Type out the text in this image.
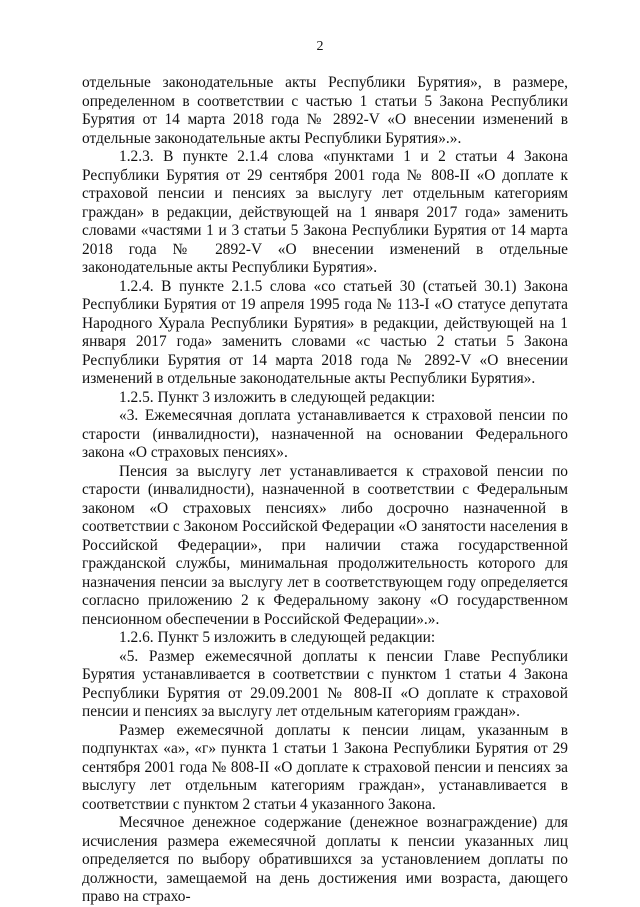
2

отдельные законодательные акты Республики Бурятия», в размере, определенном в соответствии с частью 1 статьи 5 Закона Республики Бурятия от 14 марта 2018 года № 2892-V «О внесении изменений в отдельные законодательные акты Республики Бурятия».».

1.2.3. В пункте 2.1.4 слова «пунктами 1 и 2 статьи 4 Закона Республики Бурятия от 29 сентября 2001 года № 808-II «О доплате к страховой пенсии и пенсиях за выслугу лет отдельным категориям граждан» в редакции, действующей на 1 января 2017 года» заменить словами «частями 1 и 3 статьи 5 Закона Республики Бурятия от 14 марта 2018 года № 2892-V «О внесении изменений в отдельные законодательные акты Республики Бурятия».

1.2.4. В пункте 2.1.5 слова «со статьей 30 (статьей 30.1) Закона Республики Бурятия от 19 апреля 1995 года № 113-I «О статусе депутата Народного Хурала Республики Бурятия» в редакции, действующей на 1 января 2017 года» заменить словами «с частью 2 статьи 5 Закона Республики Бурятия от 14 марта 2018 года № 2892-V «О внесении изменений в отдельные законодательные акты Республики Бурятия».

1.2.5. Пункт 3 изложить в следующей редакции:

«3. Ежемесячная доплата устанавливается к страховой пенсии по старости (инвалидности), назначенной на основании Федерального закона «О страховых пенсиях».

Пенсия за выслугу лет устанавливается к страховой пенсии по старости (инвалидности), назначенной в соответствии с Федеральным законом «О страховых пенсиях» либо досрочно назначенной в соответствии с Законом Российской Федерации «О занятости населения в Российской Федерации», при наличии стажа государственной гражданской службы, минимальная продолжительность которого для назначения пенсии за выслугу лет в соответствующем году определяется согласно приложению 2 к Федеральному закону «О государственном пенсионном обеспечении в Российской Федерации».».

1.2.6. Пункт 5 изложить в следующей редакции:

«5. Размер ежемесячной доплаты к пенсии Главе Республики Бурятия устанавливается в соответствии с пунктом 1 статьи 4 Закона Республики Бурятия от 29.09.2001 № 808-II «О доплате к страховой пенсии и пенсиях за выслугу лет отдельным категориям граждан».

Размер ежемесячной доплаты к пенсии лицам, указанным в подпунктах «а», «г» пункта 1 статьи 1 Закона Республики Бурятия от 29 сентября 2001 года № 808-II «О доплате к страховой пенсии и пенсиях за выслугу лет отдельным категориям граждан», устанавливается в соответствии с пунктом 2 статьи 4 указанного Закона.

Месячное денежное содержание (денежное вознаграждение) для исчисления размера ежемесячной доплаты к пенсии указанных лиц определяется по выбору обратившихся за установлением доплаты по должности, замещаемой на день достижения ими возраста, дающего право на страхо-
